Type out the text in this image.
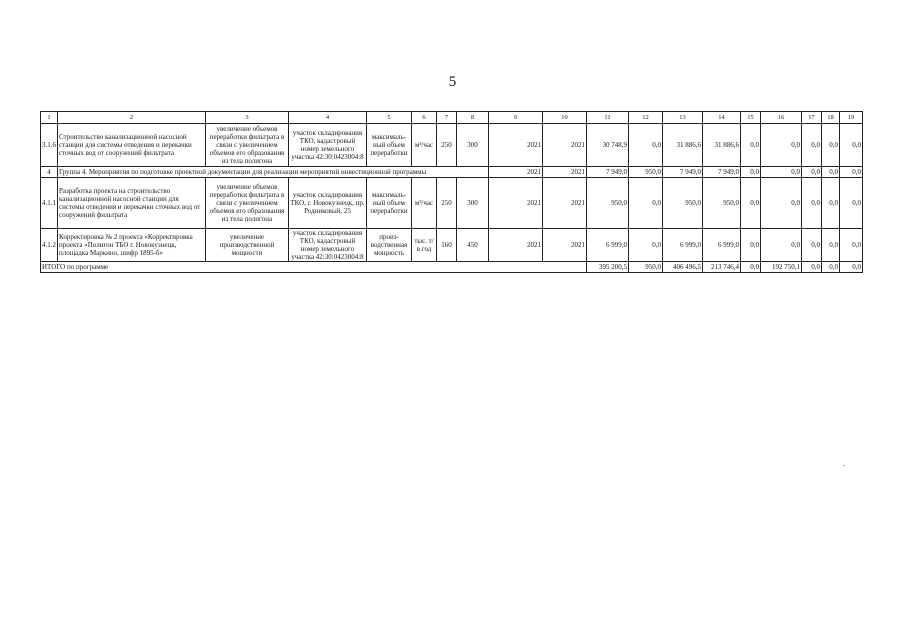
5
1	2	3	4	5	6	7	8	9	10	11	12	13	14	15	16	17	18	19
3.1.6	Строительство канализационной насосной станции для системы отведения и перекачки сточных вод от сооружений фильтрата	увеличение объемов переработки фильтрата в связи с увеличением объемов его образования из тела полигона	участок складирования ТКО, кадастровый номер земельного участка 42:30:0423004:8	максималь-ный объем переработки	м³/час	250	300	2021	2021	30 748,9	0,0	31 886,6	31 886,6	0,0	0,0	0,0	0,0	0,0
4	Группа 4. Мероприятия по подготовке проектной документации для реализации мероприятий инвестиционной программы							2021	2021	7 949,0	950,0	7 949,0	7 949,0	0,0	0,0	0,0	0,0	0,0
4.1.1	Разработка проекта на строительство канализационной насосной станции для системы отведения и перекачки сточных вод от сооружений фильтрата	увеличение объемов переработки фильтрата в связи с увеличением объемов его образования из тела полигона	участок складирования ТКО, г. Новокузнецк, пр. Родниковый, 25	максималь-ный объем переработки	м³/час	250	300	2021	2021	950,0	0,0	950,0	950,0	0,0	0,0	0,0	0,0	0,0
4.1.2	Корректировка № 2 проекта «Корректировка проекта «Полигон ТБО г. Новокузнецк, площадка Маркино, шифр 1895-б»	увеличение производственной мощности	участок складирования ТКО, кадастровый номер земельного участка 42:30:0423004:8	произ-водственная мощность	тыс. т/в год	160	450	2021	2021	6 999,0	0,0	6 999,0	6 999,0	0,0	0,0	0,0	0,0	0,0
ИТОГО по программе										395 200,5	950,0	406 496,5	213 746,4	0,0	192 750,1	0,0	0,0	0,0
